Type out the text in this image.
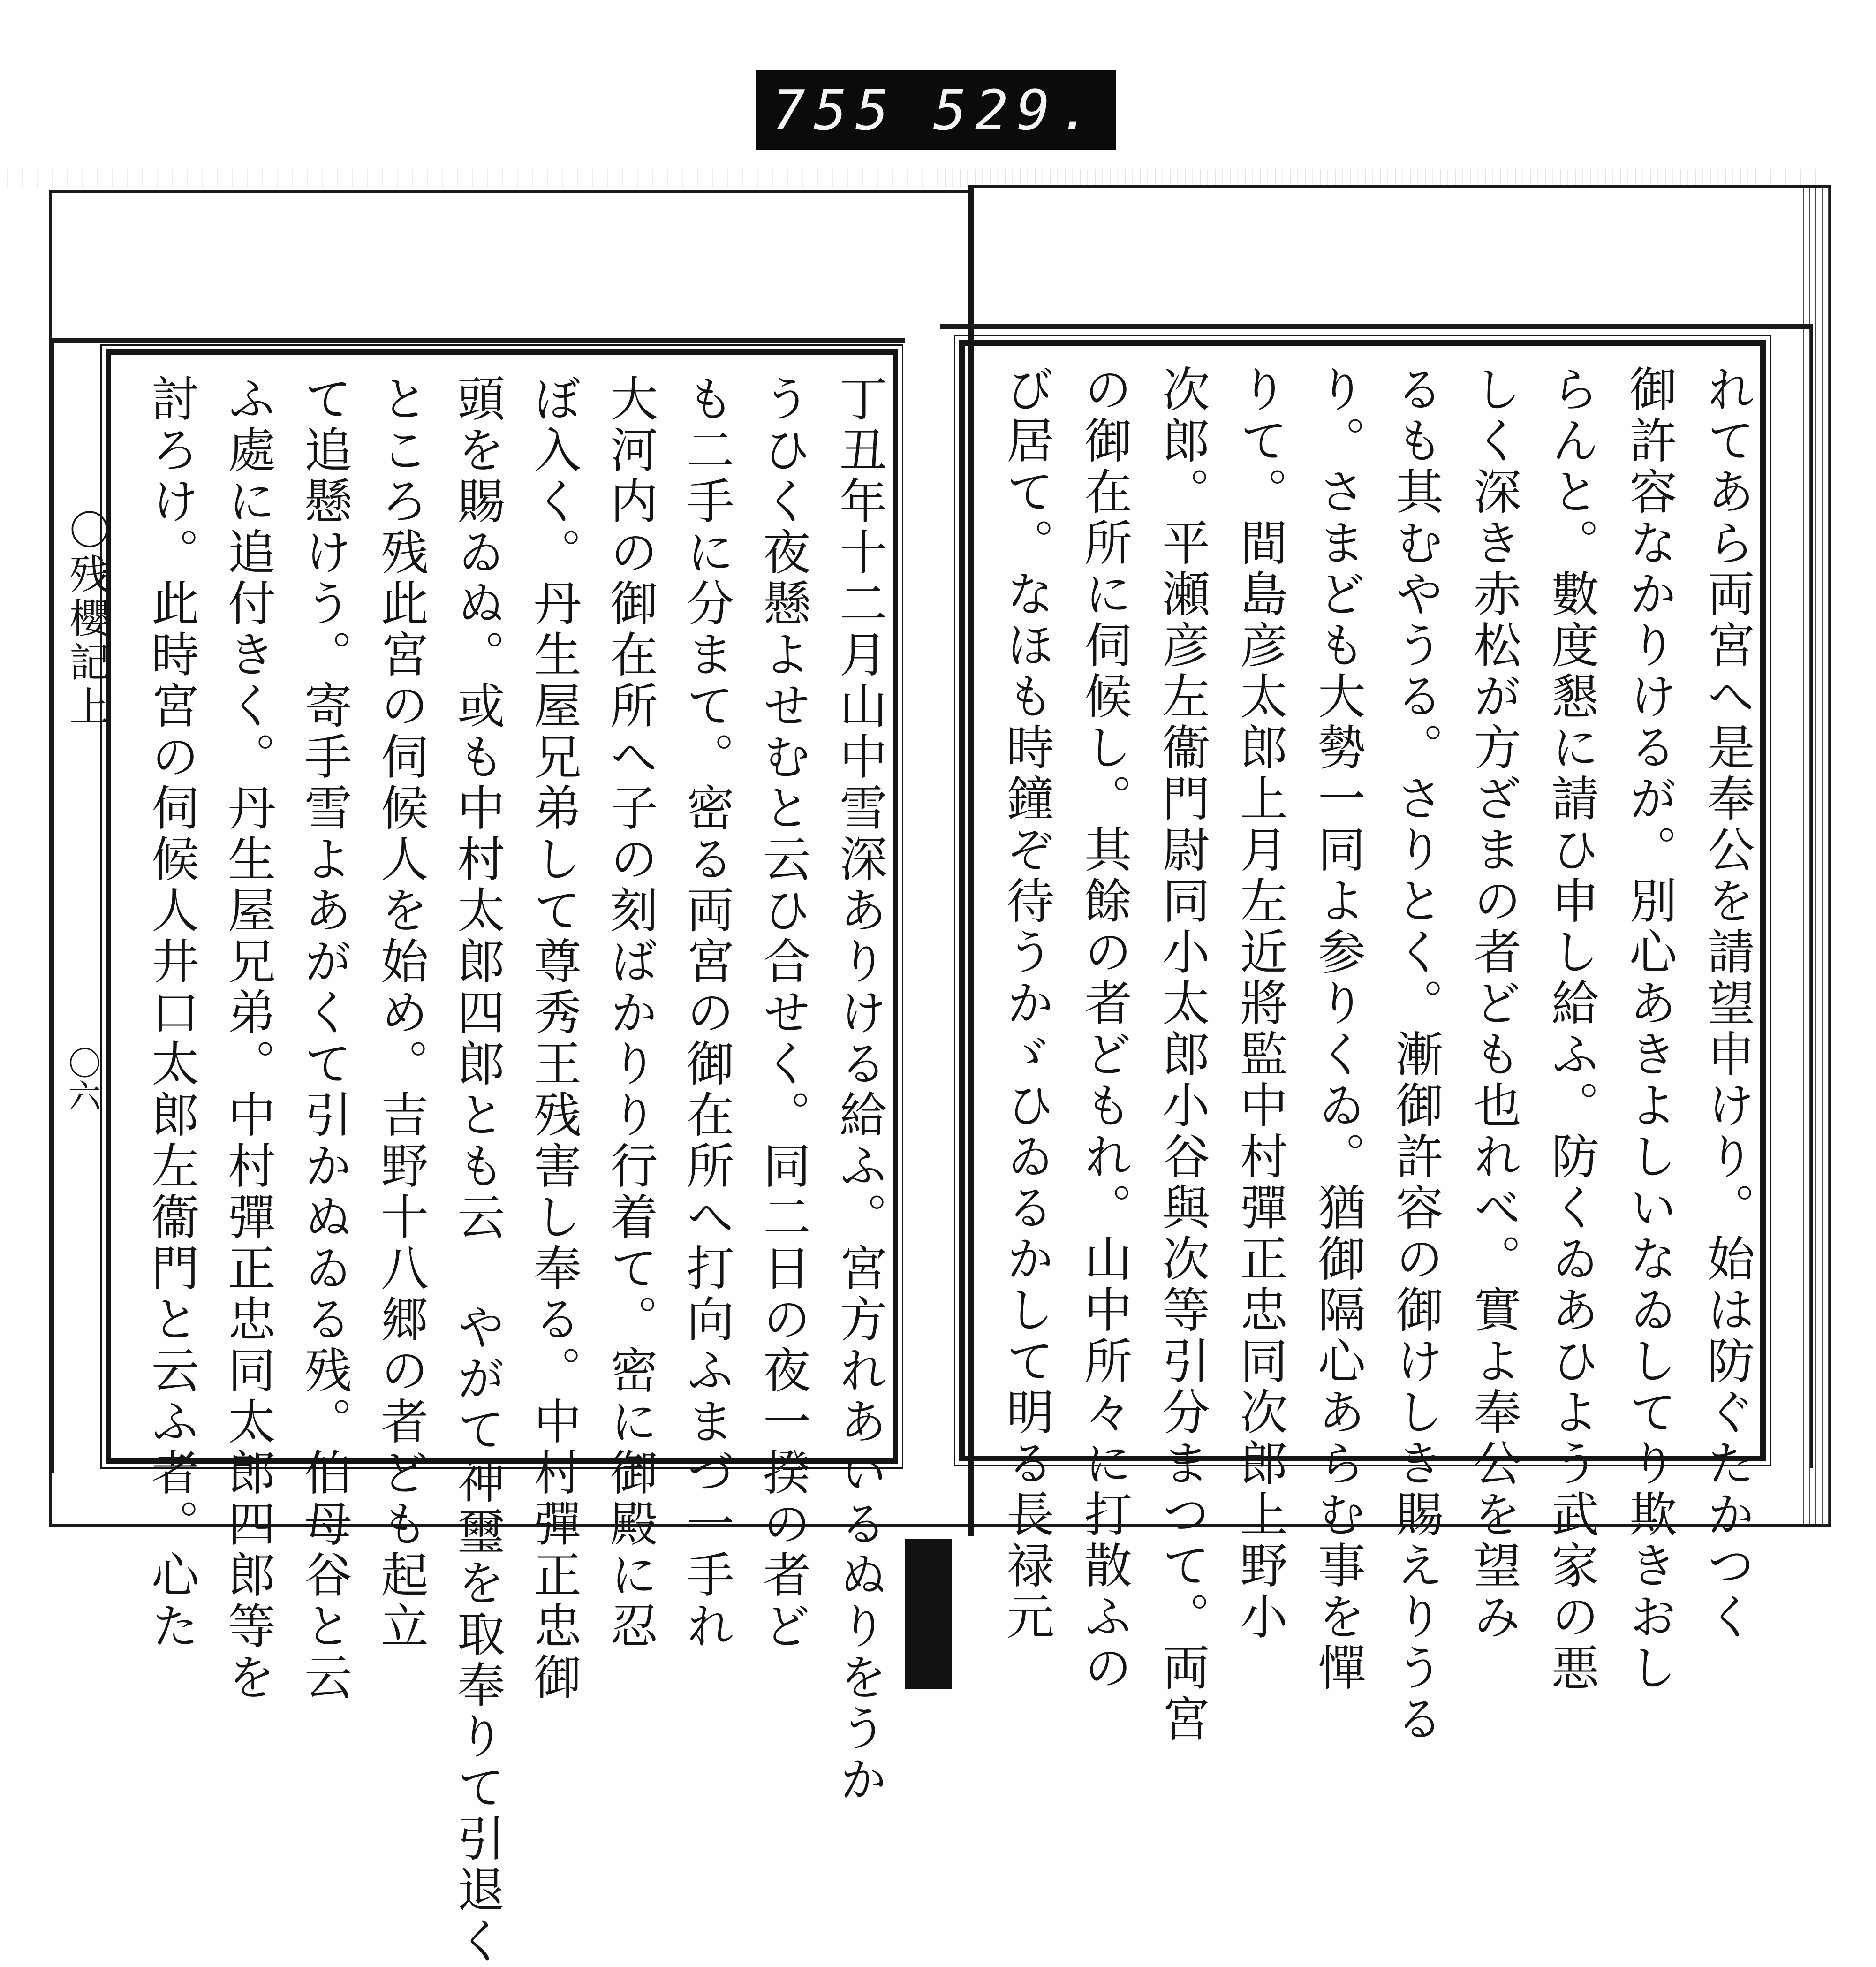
755 529.
〇残櫻記上
〇六	れてあら両宮へ是奉公を請望申けり。始は防ぐたかつく
御許容なかりけるが。別心あきよしいなゐしてり欺きおし
らんと。數度懇に請ひ申し給ふ。防くゐあひよう武家の悪
しく深き赤松が方ざまの者ども也れべ。實よ奉公を望み
るも其むやうる。さりとく。漸御許容の御けしき賜えりうる
り。さまども大勢一同よ参りくゐ。猶御隔心あらむ事を憚
りて。間島彦太郎上月左近將監中村彈正忠同次郎上野小
次郎。平瀬彦左衞門尉同小太郎小谷與次等引分まつて。両宮
の御在所に伺候し。其餘の者どもれ。山中所々に打散ふの
び居て。なほも時鐘ぞ待うかゞひゐるかして明る長禄元
丁丑年十二月山中雪深ありける給ふ。宮方れあいるぬりをうか
うひく夜懸よせむと云ひ合せく。同二日の夜一揆の者ど
も二手に分まて。密る両宮の御在所へ打向ふまづ一手れ
大河内の御在所へ子の刻ばかりり行着て。密に御殿に忍
ぼ入く。丹生屋兄弟して尊秀王残害し奉る。中村彈正忠御
頭を賜ゐぬ。或も中村太郎四郎とも云 やがて神璽を取奉りて引退く
ところ残此宮の伺候人を始め。吉野十八郷の者ども起立
て追懸けう。寄手雪よあがくて引かぬゐる残。伯母谷と云
ふ處に追付きく。丹生屋兄弟。中村彈正忠同太郎四郎等を
討ろけ。此時宮の伺候人井口太郎左衞門と云ふ者。心た
